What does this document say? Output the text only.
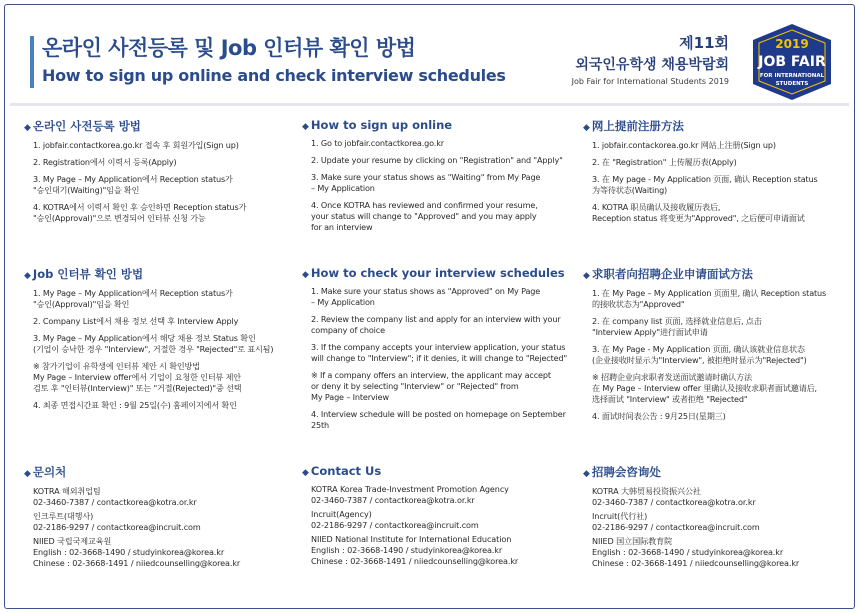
온라인 사전등록 및 Job 인터뷰 확인 방법
How to sign up online and check interview schedules
제11회
외국인유학생 채용박람회
Job Fair for International Students 2019
2019
JOB FAIR
FOR INTERNATIONAL
STUDENTS
◆ 온라인 사전등록 방법
1. jobfair.contactkorea.go.kr 접속 후 회원가입(Sign up)
2. Registration에서 이력서 등록(Apply)
3. My Page – My Application에서 Reception status가
"승인대기(Waiting)"임을 확인
4. KOTRA에서 이력서 확인 후 승인하면 Reception status가
"승인(Approval)"으로 변경되어 인터뷰 신청 가능
◆ Job 인터뷰 확인 방법
1. My Page – My Application에서 Reception status가
"승인(Approval)"임을 확인
2. Company List에서 채용 정보 선택 후 Interview Apply
3. My Page – My Application에서 해당 채용 정보 Status 확인
(기업이 승낙한 경우 "Interview", 거절한 경우 "Rejected"로 표시됨)
※ 참가기업이 유학생에 인터뷰 제안 시 확인방법
My Page – Interview offer에서 기업이 요청한 인터뷰 제안
검토 후 "인터뷰(Interview)" 또는 "거절(Rejected)"중 선택
4. 최종 면접시간표 확인 : 9월 25일(수) 홈페이지에서 확인
◆ 문의처

KOTRA 해외취업팀

02-3460-7387 / contactkorea@kotra.or.kr

인크루트(대행사)

02-2186-9297 / contactkorea@incruit.com

NIIED 국립국제교육원

English : 02-3668-1490 / studyinkorea@korea.kr

Chinese : 02-3668-1491 / niiedcounselling@korea.kr

◆ How to sign up online
1. Go to jobfair.contactkorea.go.kr
2. Update your resume by clicking on "Registration" and "Apply"
3. Make sure your status shows as "Waiting" from My Page
– My Application
4. Once KOTRA has reviewed and confirmed your resume,
your status will change to "Approved" and you may apply
for an interview
◆ How to check your interview schedules
1. Make sure your status shows as "Approved" on My Page
– My Application
2. Review the company list and apply for an interview with your
company of choice
3. If the company accepts your interview application, your status
will change to "Interview"; if it denies, it will change to "Rejected"
※ If a company offers an interview, the applicant may accept
or deny it by selecting "Interview" or "Rejected" from
My Page – Interview
4. Interview schedule will be posted on homepage on September 25th
◆ Contact Us

KOTRA Korea Trade-Investment Promotion Agency

02-3460-7387 / contactkorea@kotra.or.kr

Incruit(Agency)

02-2186-9297 / contactkorea@incruit.com

NIIED National Institute for International Education

English : 02-3668-1490 / studyinkorea@korea.kr

Chinese : 02-3668-1491 / niiedcounselling@korea.kr

◆ 网上提前注册方法
1. jobfair.contackorea.go.kr 网站上注册(Sign up)
2. 在 "Registration" 上传履历表(Apply)
3. 在 My page - My Application 页面, 确认 Reception status
为等待状态(Waiting)
4. KOTRA 职员确认及接收履历表后,
Reception status 将变更为"Approved", 之后便可申请面试
◆ 求职者向招聘企业申请面试方法
1. 在 My Page – My Application 页面里, 确认 Reception status
的接收状态为"Approved"
2. 在 company list 页面, 选择就业信息后, 点击
"Interview Apply"进行面试申请
3. 在 My Page - My Application 页面, 确认该就业信息状态
(企业接收时显示为"Interview", 被拒绝时显示为"Rejected")
※ 招聘企业向求职者发送面试邀请时确认方法
在 My Page – Interview offer 里确认及接收求职者面试邀请后,
选择面试 "Interview" 或者拒绝 "Rejected"
4. 面试时间表公告 : 9月25日(星期三)
◆ 招聘会咨询处

KOTRA 大韩贸易投资振兴公社

02-3460-7387 / contactkorea@kotra.or.kr

Incruit(代行社)

02-2186-9297 / contactkorea@incruit.com

NIIED 国立国际教育院

English : 02-3668-1490 / studyinkorea@korea.kr

Chinese : 02-3668-1491 / niiedcounselling@korea.kr
